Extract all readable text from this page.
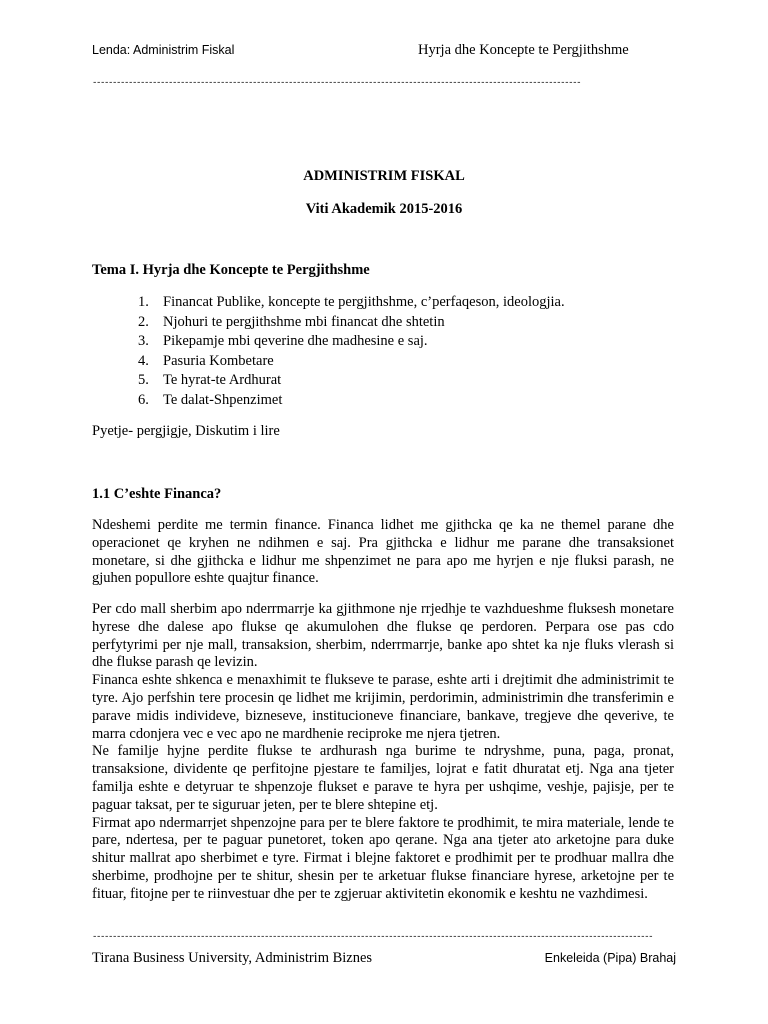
Lenda: Administrim Fiskal	Hyrja dhe Koncepte te Pergjithshme
--------------------------------------------------------------------------------------------------------------------------
ADMINISTRIM FISKAL
Viti Akademik 2015-2016
Tema I. Hyrja dhe Koncepte te Pergjithshme
1. Financat Publike, koncepte te pergjithshme, c’perfaqeson, ideologjia.
2. Njohuri te pergjithshme mbi financat dhe shtetin
3. Pikepamje mbi qeverine dhe madhesine e saj.
4. Pasuria Kombetare
5. Te hyrat-te Ardhurat
6. Te dalat-Shpenzimet
Pyetje- pergjigje, Diskutim i lire
1.1 C’eshte Financa?

Ndeshemi perdite me termin finance. Financa lidhet me gjithcka qe ka ne themel parane dhe operacionet qe kryhen ne ndihmen e saj. Pra gjithcka e lidhur me parane dhe transaksionet monetare, si dhe gjithcka e lidhur me shpenzimet ne para apo me hyrjen e nje fluksi parash, ne gjuhen popullore eshte quajtur finance.

Per cdo mall sherbim apo nderrmarrje ka gjithmone nje rrjedhje te vazhdueshme fluksesh monetare hyrese dhe dalese apo flukse qe akumulohen dhe flukse qe perdoren. Perpara ose pas cdo perfytyrimi per nje mall, transaksion, sherbim, nderrmarrje, banke apo shtet ka nje fluks vlerash si dhe flukse parash qe levizin.

Financa eshte shkenca e menaxhimit te flukseve te parase, eshte arti i drejtimit dhe administrimit te tyre. Ajo perfshin tere procesin qe lidhet me krijimin, perdorimin, administrimin dhe transferimin e parave midis individeve, bizneseve, institucioneve financiare, bankave, tregjeve dhe qeverive, te marra cdonjera vec e vec apo ne mardhenie reciproke me njera tjetren.

Ne familje hyjne perdite flukse te ardhurash nga burime te ndryshme, puna, paga, pronat, transaksione, dividente qe perfitojne pjestare te familjes, lojrat e fatit dhuratat etj. Nga ana tjeter familja eshte e detyruar te shpenzoje flukset e parave te hyra per ushqime, veshje, pajisje, per te paguar taksat, per te siguruar jeten, per te blere shtepine etj.

Firmat apo ndermarrjet shpenzojne para per te blere faktore te prodhimit, te mira materiale, lende te pare, ndertesa, per te paguar punetoret, token apo qerane. Nga ana tjeter ato arketojne para duke shitur mallrat apo sherbimet e tyre. Firmat i blejne faktoret e prodhimit per te prodhuar mallra dhe sherbime, prodhojne per te shitur, shesin per te arketuar flukse financiare hyrese, arketojne per te fituar, fitojne per te riinvestuar dhe per te zgjeruar aktivitetin ekonomik e keshtu ne vazhdimesi.

--------------------------------------------------------------------------------------------------------------------------------------------
Tirana Business University, Administrim Biznes	Enkeleida (Pipa) Brahaj
